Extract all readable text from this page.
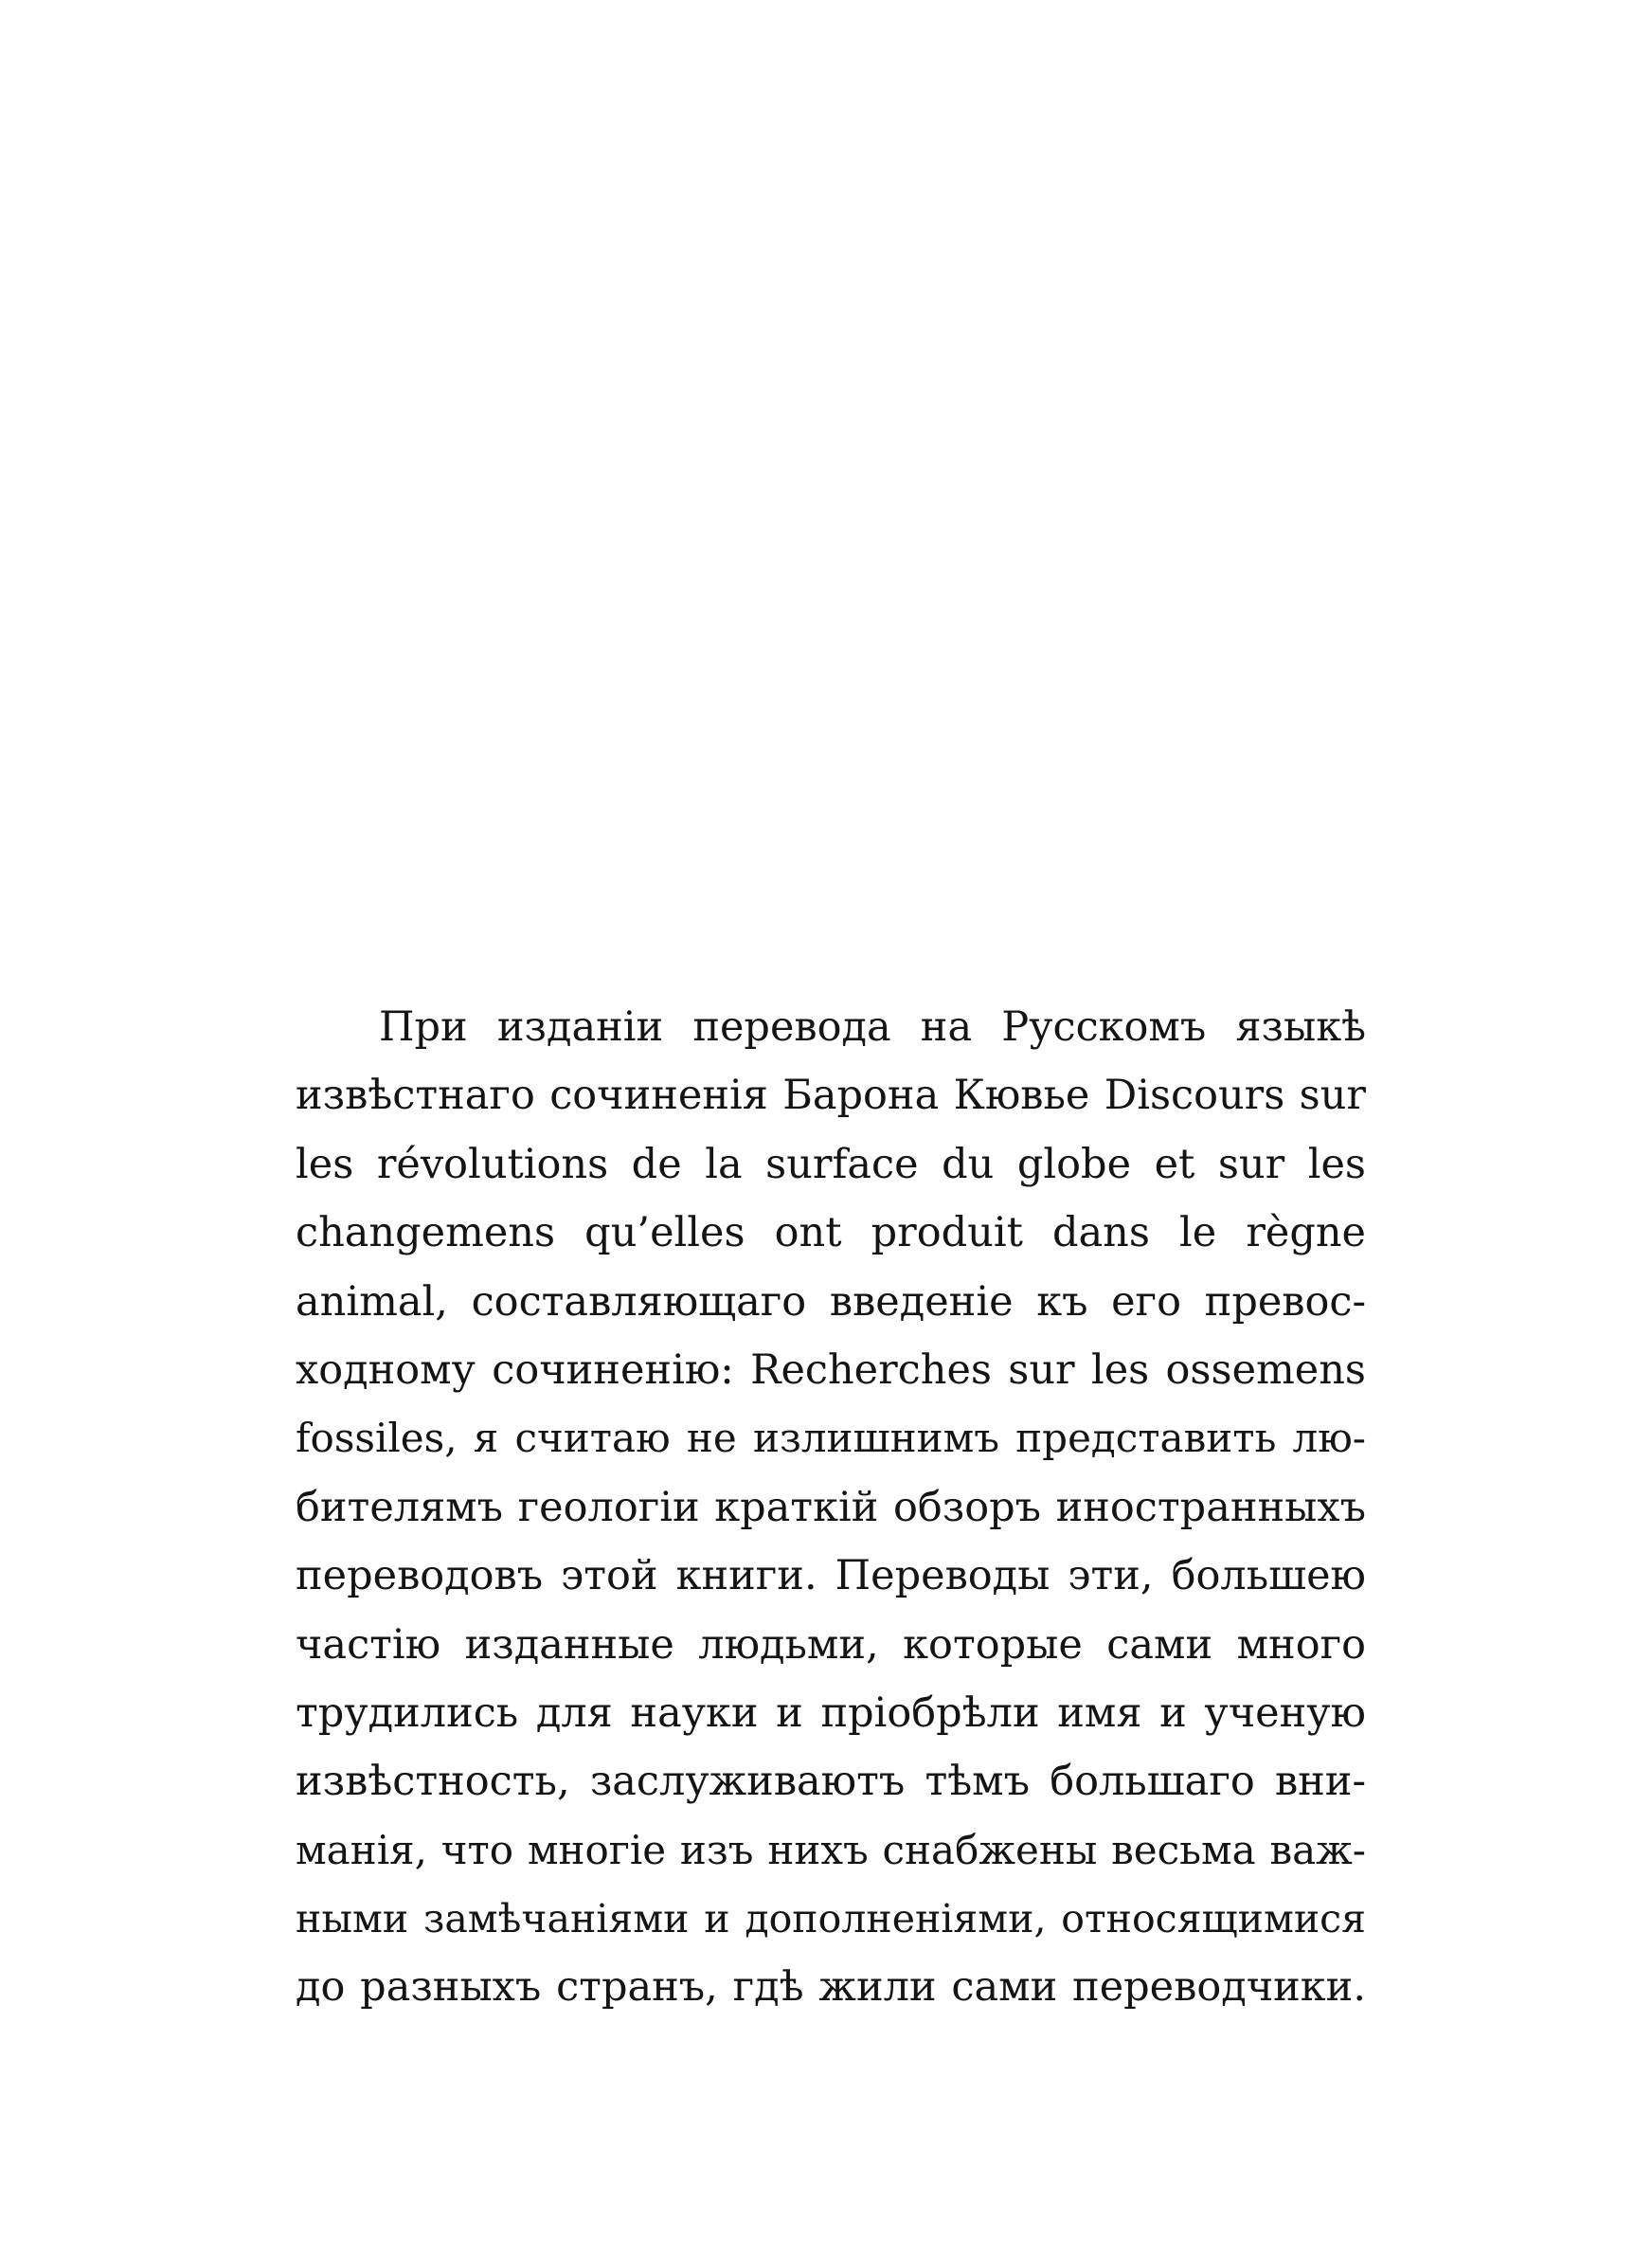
При изданіи перевода на Русскомъ языкѣ
извѣстнаго сочиненія Барона Кювье Discours sur
les révolutions de la surface du globe et sur les
changemens qu’elles ont produit dans le règne
animal, составляющаго введеніе къ его превос-
ходному сочиненію: Recherches sur les ossemens
fossiles, я считаю не излишнимъ представить лю-
бителямъ геологіи краткій обзоръ иностранныхъ
переводовъ этой книги. Переводы эти, большею
частію изданные людьми, которые сами много
трудились для науки и пріобрѣли имя и ученую
извѣстность, заслуживаютъ тѣмъ большаго вни-
манія, что многіе изъ нихъ снабжены весьма важ-
ными замѣчаніями и дополненіями, относящимися
до разныхъ странъ, гдѣ жили сами переводчики.
